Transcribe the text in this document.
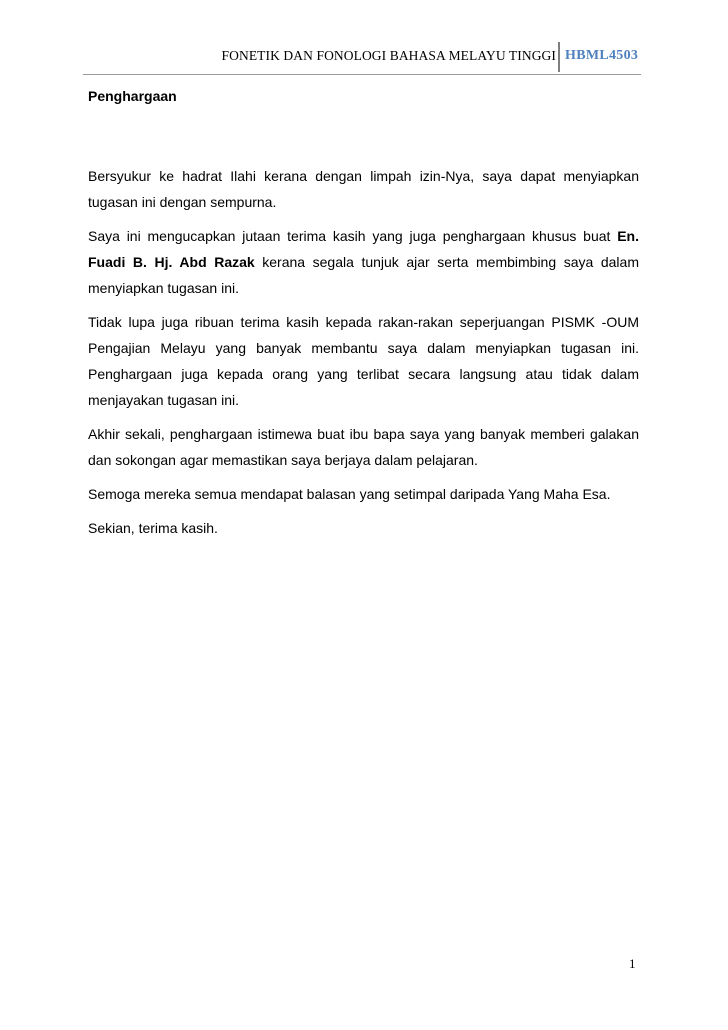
FONETIK DAN FONOLOGI BAHASA MELAYU TINGGI HBML4503

Penghargaan

Bersyukur ke hadrat Ilahi kerana dengan limpah izin-Nya, saya dapat menyiapkan tugasan ini dengan sempurna.

Saya ini mengucapkan jutaan terima kasih yang juga penghargaan khusus buat En. Fuadi B. Hj. Abd Razak kerana segala tunjuk ajar serta membimbing saya dalam menyiapkan tugasan ini.

Tidak lupa juga ribuan terima kasih kepada rakan-rakan seperjuangan PISMK -OUM Pengajian Melayu yang banyak membantu saya dalam menyiapkan tugasan ini. Penghargaan juga kepada orang yang terlibat secara langsung atau tidak dalam menjayakan tugasan ini.

Akhir sekali, penghargaan istimewa buat ibu bapa saya yang banyak memberi galakan dan sokongan agar memastikan saya berjaya dalam pelajaran.

Semoga mereka semua mendapat balasan yang setimpal daripada Yang Maha Esa.

Sekian, terima kasih.

1
